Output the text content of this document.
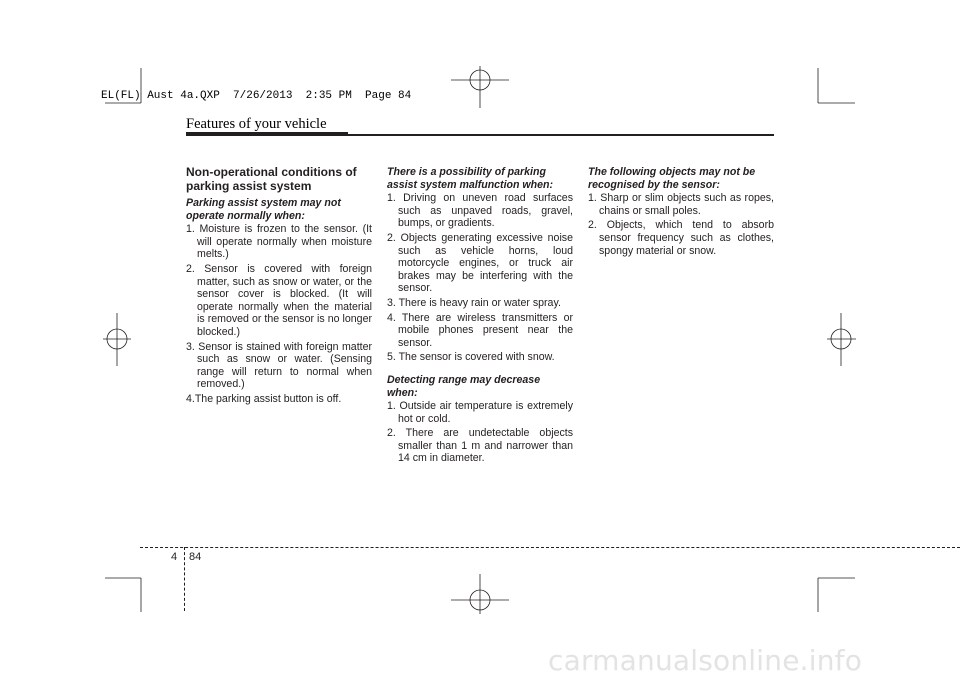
EL(FL) Aust 4a.QXP  7/26/2013  2:35 PM  Page 84
Features of your vehicle
Non-operational conditions of parking assist system
Parking assist system may not operate normally when:
1. Moisture is frozen to the sensor. (It will operate normally when moisture melts.)
2. Sensor is covered with foreign matter, such as snow or water, or the sensor cover is blocked. (It will operate normally when the material is removed or the sensor is no longer blocked.)
3. Sensor is stained with foreign matter such as snow or water. (Sensing range will return to normal when removed.)
4.The parking assist button is off.
There is a possibility of parking assist system malfunction when:
1. Driving on uneven road surfaces such as unpaved roads, gravel, bumps, or gradients.
2. Objects generating excessive noise such as vehicle horns, loud motorcycle engines, or truck air brakes may be interfering with the sensor.
3. There is heavy rain or water spray.
4. There are wireless transmitters or mobile phones present near the sensor.
5. The sensor is covered with snow.
Detecting range may decrease when:
1. Outside air temperature is extremely hot or cold.
2. There are undetectable objects smaller than 1 m and narrower than 14 cm in diameter.
The following objects may not be recognised by the sensor:
1. Sharp or slim objects such as ropes, chains or small poles.
2. Objects, which tend to absorb sensor frequency such as clothes, spongy material or snow.
4 84
carmanualsonline.info
